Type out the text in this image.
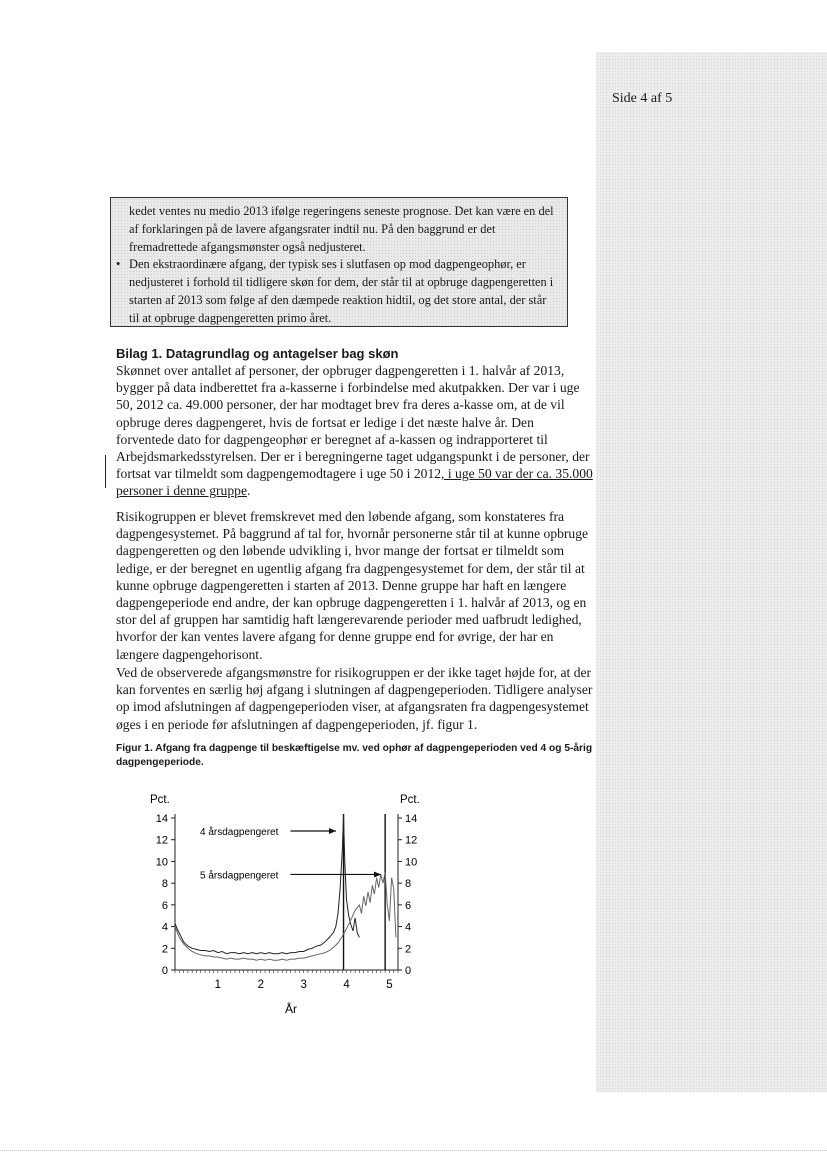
Side 4 af 5

kedet ventes nu medio 2013 ifølge regeringens seneste prognose. Det kan være en del af forklaringen på de lavere afgangsrater indtil nu. På den baggrund er det fremadrettede afgangsmønster også nedjusteret.

• Den ekstraordinære afgang, der typisk ses i slutfasen op mod dagpengeophør, er nedjusteret i forhold til tidligere skøn for dem, der står til at opbruge dagpengeretten i starten af 2013 som følge af den dæmpede reaktion hidtil, og det store antal, der står til at opbruge dagpengeretten primo året.
Bilag 1. Datagrundlag og antagelser bag skøn
Skønnet over antallet af personer, der opbruger dagpengeretten i 1. halvår af 2013, bygger på data indberettet fra a-kasserne i forbindelse med akutpakken. Der var i uge 50, 2012 ca. 49.000 personer, der har modtaget brev fra deres a-kasse om, at de vil opbruge deres dagpengeret, hvis de fortsat er ledige i det næste halve år. Den forventede dato for dagpengeophør er beregnet af a-kassen og indrapporteret til Arbejdsmarkedsstyrelsen. Der er i beregningerne taget udgangspunkt i de personer, der fortsat var tilmeldt som dagpengemodtagere i uge 50 i 2012, i uge 50 var der ca. 35.000 personer i denne gruppe.
Risikogruppen er blevet fremskrevet med den løbende afgang, som konstateres fra dagpengesystemet. På baggrund af tal for, hvornår personerne står til at kunne opbruge dagpengeretten og den løbende udvikling i, hvor mange der fortsat er tilmeldt som ledige, er der beregnet en ugentlig afgang fra dagpengesystemet for dem, der står til at kunne opbruge dagpengeretten i starten af 2013. Denne gruppe har haft en længere dagpengeperiode end andre, der kan opbruge dagpengeretten i 1. halvår af 2013, og en stor del af gruppen har samtidig haft længerevarende perioder med uafbrudt ledighed, hvorfor der kan ventes lavere afgang for denne gruppe end for øvrige, der har en længere dagpengehorisont.
Ved de observerede afgangsmønstre for risikogruppen er der ikke taget højde for, at der kan forventes en særlig høj afgang i slutningen af dagpengeperioden. Tidligere analyser op imod afslutningen af dagpengeperioden viser, at afgangsraten fra dagpengesystemet øges i en periode før afslutningen af dagpengeperioden, jf. figur 1.
Figur 1. Afgang fra dagpenge til beskæftigelse mv. ved ophør af dagpengeperioden ved 4 og 5-årig dagpengeperiode.
Pct.	Pct.
År
0	0
2	2
4	4
6	6
8	8
10	10
12	12
14	14
1	2	3	4	5
4 årsdagpengeret
5 årsdagpengeret
